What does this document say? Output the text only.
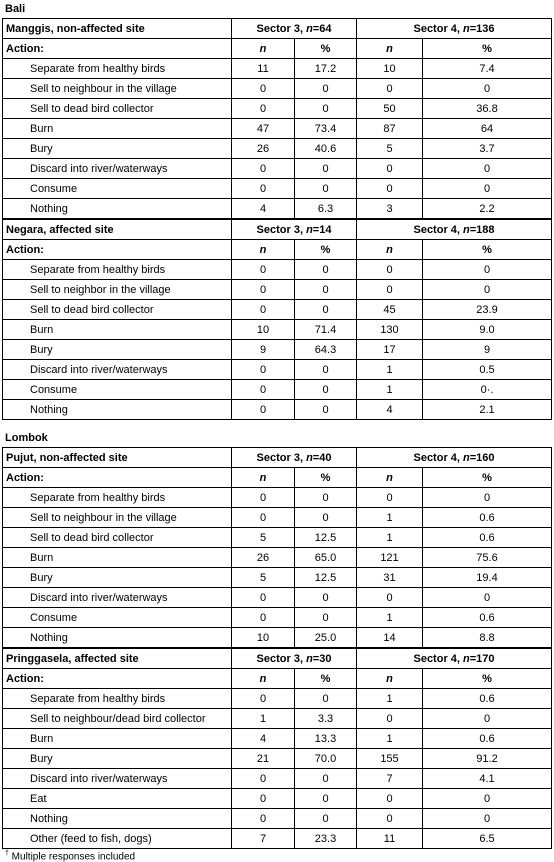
Bali
Manggis, non-affected site	Sector 3, n=64		Sector 4, n=136	
Action:	n	%	n	%
Separate from healthy birds	11	17.2	10	7.4
Sell to neighbour in the village	0	0	0	0
Sell to dead bird collector	0	0	50	36.8
Burn	47	73.4	87	64
Bury	26	40.6	5	3.7
Discard into river/waterways	0	0	0	0
Consume	0	0	0	0
Nothing	4	6.3	3	2.2
Negara, affected site	Sector 3, n=14		Sector 4, n=188	
Action:	n	%	n	%
Separate from healthy birds	0	0	0	0
Sell to neighbor in the village	0	0	0	0
Sell to dead bird collector	0	0	45	23.9
Burn	10	71.4	130	9.0
Bury	9	64.3	17	9
Discard into river/waterways	0	0	1	0.5
Consume	0	0	1	0·.
Nothing	0	0	4	2.1
Lombok
Pujut, non-affected site	Sector 3, n=40		Sector 4, n=160	
Action:	n	%	n	%
Separate from healthy birds	0	0	0	0
Sell to neighbour in the village	0	0	1	0.6
Sell to dead bird collector	5	12.5	1	0.6
Burn	26	65.0	121	75.6
Bury	5	12.5	31	19.4
Discard into river/waterways	0	0	0	0
Consume	0	0	1	0.6
Nothing	10	25.0	14	8.8
Pringgasela, affected site	Sector 3, n=30		Sector 4, n=170	
Action:	n	%	n	%
Separate from healthy birds	0	0	1	0.6
Sell to neighbour/dead bird collector	1	3.3	0	0
Burn	4	13.3	1	0.6
Bury	21	70.0	155	91.2
Discard into river/waterways	0	0	7	4.1
Eat	0	0	0	0
Nothing	0	0	0	0
Other (feed to fish, dogs)	7	23.3	11	6.5
† Multiple responses included
